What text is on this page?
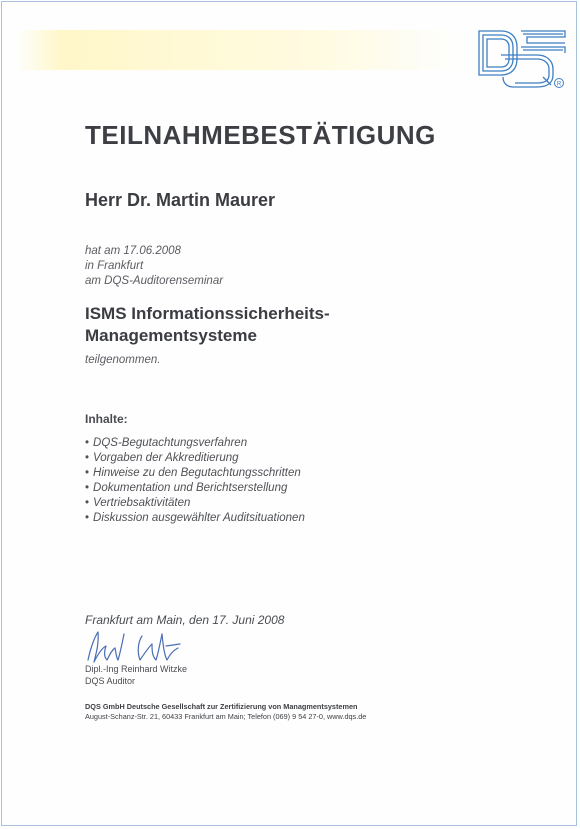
R
TEILNAHMEBESTÄTIGUNG
Herr Dr. Martin Maurer
hat am 17.06.2008
in Frankfurt
am DQS-Auditorenseminar
ISMS Informationssicherheits-
Managementsysteme
teilgenommen.
Inhalte:
• DQS-Begutachtungsverfahren
• Vorgaben der Akkreditierung
• Hinweise zu den Begutachtungsschritten
• Dokumentation und Berichtserstellung
• Vertriebsaktivitäten
• Diskussion ausgewählter Auditsituationen
Frankfurt am Main, den 17. Juni 2008
Dipl.-Ing Reinhard Witzke
DQS Auditor
DQS GmbH Deutsche Gesellschaft zur Zertifizierung von Managmentsystemen
August-Schanz-Str. 21, 60433 Frankfurt am Main; Telefon (069) 9 54 27-0, www.dqs.de
